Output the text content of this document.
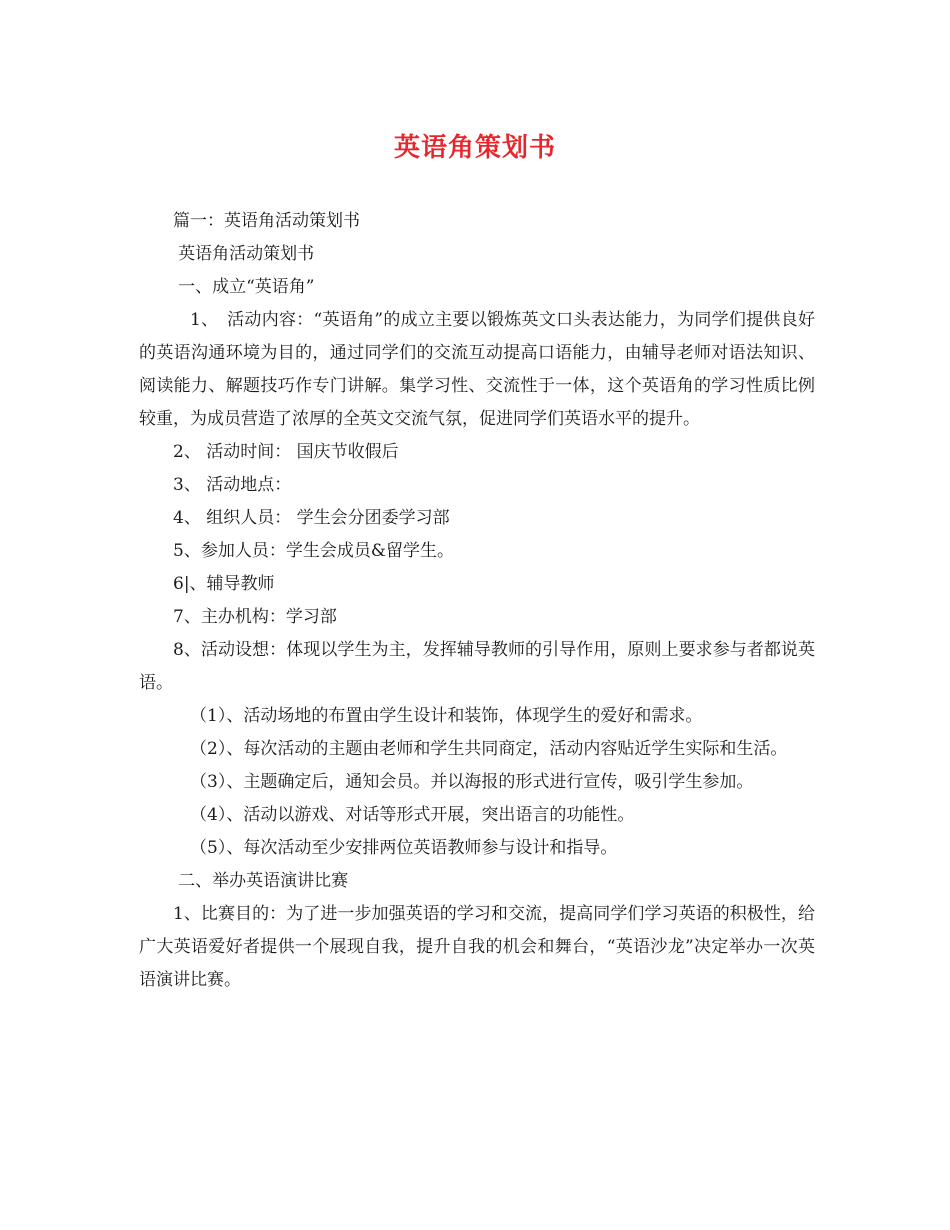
英语角策划书

篇一：英语角活动策划书

英语角活动策划书

一、成立“英语角”

1、　活动内容：“英语角”的成立主要以锻炼英文口头表达能力，为同学们提供良好的英语沟通环境为目的，通过同学们的交流互动提高口语能力，由辅导老师对语法知识、阅读能力、解题技巧作专门讲解。集学习性、交流性于一体，这个英语角的学习性质比例较重，为成员营造了浓厚的全英文交流气氛，促进同学们英语水平的提升。

2、 活动时间： 国庆节收假后

3、 活动地点：

4、 组织人员： 学生会分团委学习部

5、参加人员：学生会成员&留学生。

6|、辅导教师

7、主办机构：学习部

8、活动设想：体现以学生为主，发挥辅导教师的引导作用，原则上要求参与者都说英语。

（1）、活动场地的布置由学生设计和装饰，体现学生的爱好和需求。

（2）、每次活动的主题由老师和学生共同商定，活动内容贴近学生实际和生活。

（3）、主题确定后，通知会员。并以海报的形式进行宣传，吸引学生参加。

（4）、活动以游戏、对话等形式开展，突出语言的功能性。

（5）、每次活动至少安排两位英语教师参与设计和指导。

二、举办英语演讲比赛

1、比赛目的：为了进一步加强英语的学习和交流，提高同学们学习英语的积极性，给广大英语爱好者提供一个展现自我，提升自我的机会和舞台，“英语沙龙”决定举办一次英语演讲比赛。
